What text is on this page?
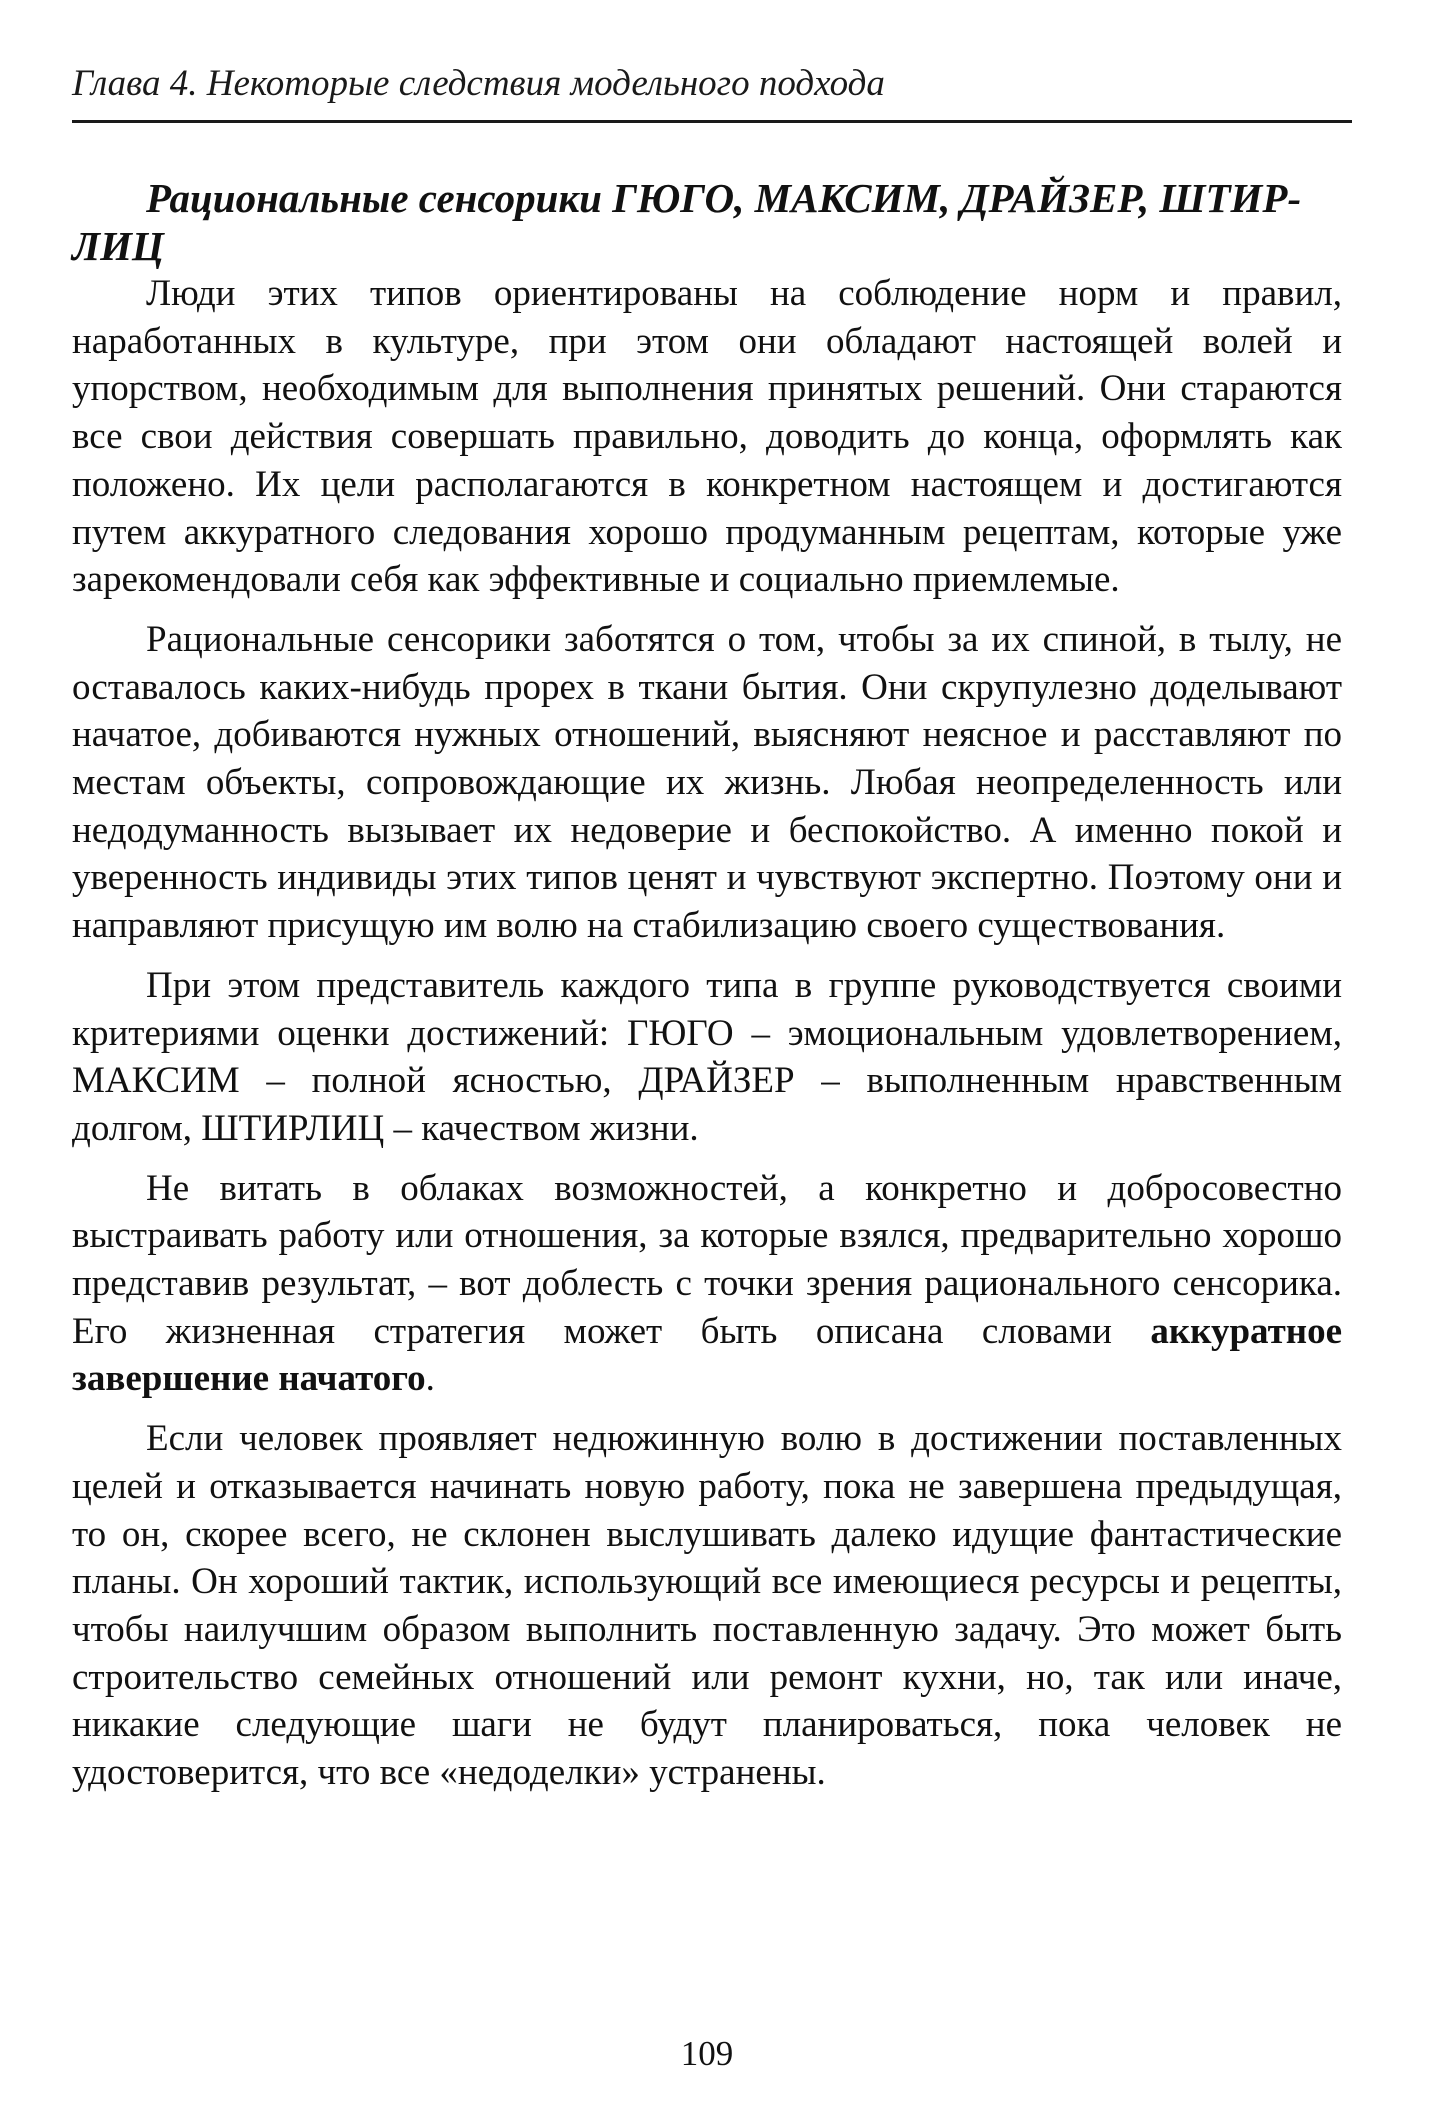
Глава 4. Некоторые следствия модельного подхода
Рациональные сенсорики ГЮГО, МАКСИМ, ДРАЙЗЕР, ШТИРЛИЦ

Люди этих типов ориентированы на соблюдение норм и правил, наработанных в культуре, при этом они обладают настоящей волей и упорством, необходимым для выполнения принятых решений. Они стараются все свои действия совершать правильно, доводить до конца, оформлять как положено. Их цели располагаются в конкретном настоящем и достигаются путем аккуратного следования хорошо продуманным рецептам, которые уже зарекомендовали себя как эффективные и социально приемлемые.

Рациональные сенсорики заботятся о том, чтобы за их спиной, в тылу, не оставалось каких-нибудь прорех в ткани бытия. Они скрупулезно доделывают начатое, добиваются нужных отношений, выясняют неясное и расставляют по местам объекты, сопровождающие их жизнь. Любая неопределенность или недодуманность вызывает их недоверие и беспокойство. А именно покой и уверенность индивиды этих типов ценят и чувствуют экспертно. Поэтому они и направляют присущую им волю на стабилизацию своего существования.

При этом представитель каждого типа в группе руководствуется своими критериями оценки достижений: ГЮГО – эмоциональным удовлетворением, МАКСИМ – полной ясностью, ДРАЙЗЕР – выполненным нравственным долгом, ШТИРЛИЦ – качеством жизни.

Не витать в облаках возможностей, а конкретно и добросовестно выстраивать работу или отношения, за которые взялся, предварительно хорошо представив результат, – вот доблесть с точки зрения рационального сенсорика. Его жизненная стратегия может быть описана словами аккуратное завершение начатого.

Если человек проявляет недюжинную волю в достижении поставленных целей и отказывается начинать новую работу, пока не завершена предыдущая, то он, скорее всего, не склонен выслушивать далеко идущие фантастические планы. Он хороший тактик, использующий все имеющиеся ресурсы и рецепты, чтобы наилучшим образом выполнить поставленную задачу. Это может быть строительство семейных отношений или ремонт кухни, но, так или иначе, никакие следующие шаги не будут планироваться, пока человек не удостоверится, что все «недоделки» устранены.

109
